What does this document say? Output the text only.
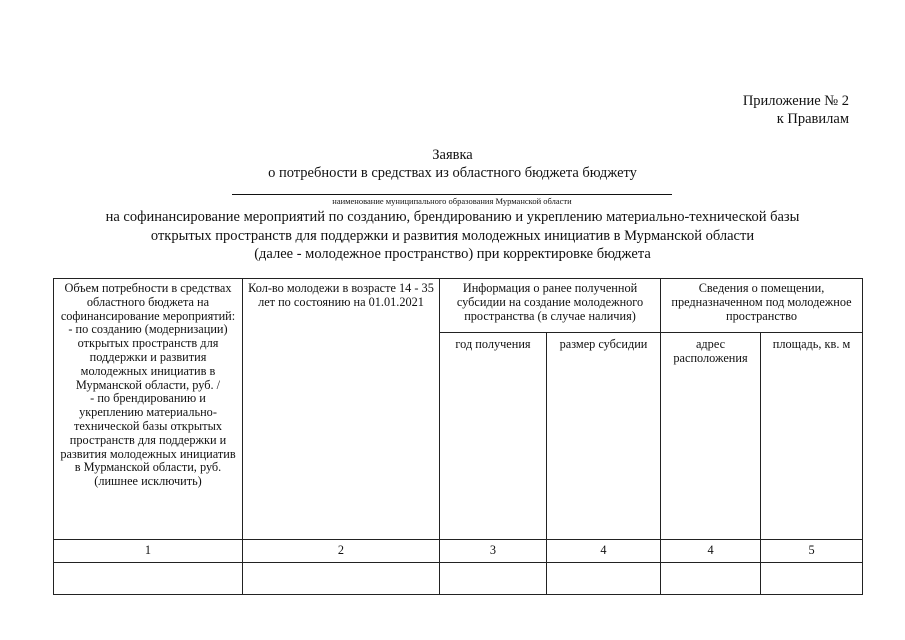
Приложение № 2
к Правилам
Заявка
о потребности в средствах из областного бюджета бюджету
наименование муниципального образования Мурманской области
на софинансирование мероприятий по созданию, брендированию и укреплению материально-технической базы
открытых пространств для поддержки и развития молодежных инициатив в Мурманской области
(далее - молодежное пространство) при корректировке бюджета
Объем потребности в средствах областного бюджета на софинансирование мероприятий:
- по созданию (модернизации) открытых пространств для поддержки и развития молодежных инициатив в Мурманской области, руб. /
- по брендированию и укреплению материально-технической базы открытых пространств для поддержки и развития молодежных инициатив в Мурманской области, руб.
(лишнее исключить)	Кол-во молодежи в возрасте 14 - 35 лет по состоянию на 01.01.2021	Информация о ранее полученной субсидии на создание молодежного пространства (в случае наличия)		Сведения о помещении, предназначенном под молодежное пространство	
		год получения	размер субсидии	адрес расположения	площадь, кв. м
1	2	3	4	4	5
